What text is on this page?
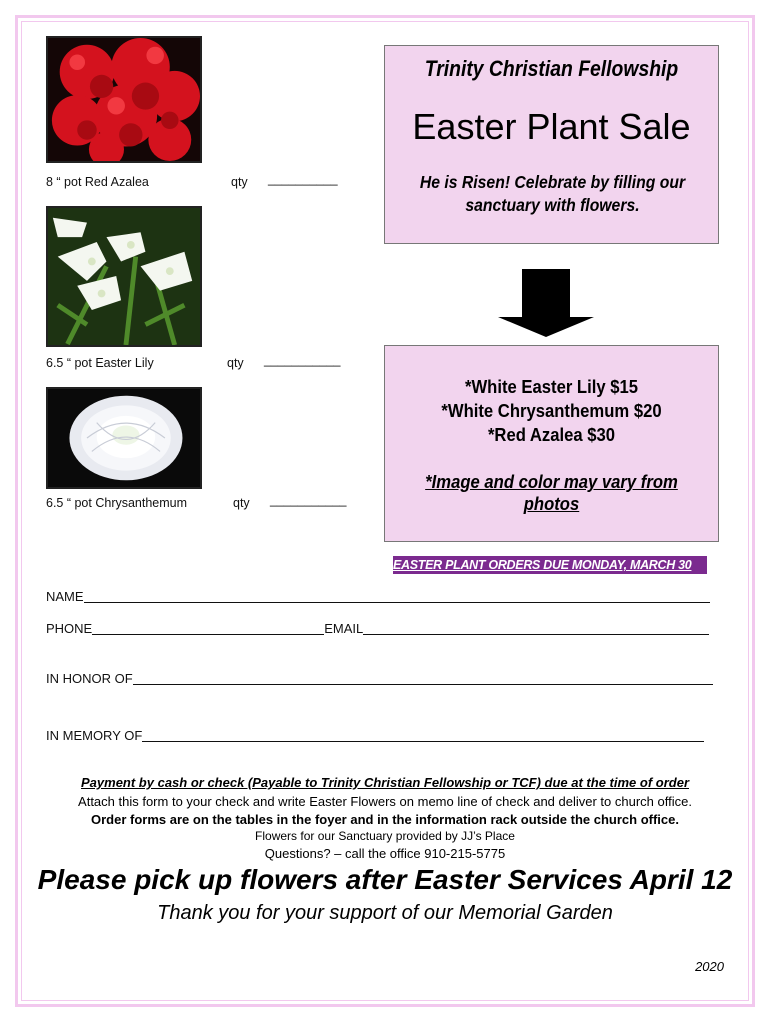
8 “ pot Red Azalea	qty __________
6.5 “ pot Easter Lily	qty ___________
6.5 “ pot Chrysanthemum	qty ___________
Trinity Christian Fellowship
Easter Plant Sale
He is Risen! Celebrate by filling our
sanctuary with flowers.
*White Easter Lily $15
*White Chrysanthemum $20
*Red Azalea $30
*Image and color may vary from photos
EASTER PLANT ORDERS DUE MONDAY, MARCH 30
NAME
PHONE	EMAIL
IN HONOR OF
IN MEMORY OF
Payment by cash or check (Payable to Trinity Christian Fellowship or TCF) due at the time of order
Attach this form to your check and write Easter Flowers on memo line of check and deliver to church office.
Order forms are on the tables in the foyer and in the information rack outside the church office.
Flowers for our Sanctuary provided by JJ’s Place
Questions? – call the office 910-215-5775
Please pick up flowers after Easter Services April 12
Thank you for your support of our Memorial Garden
2020
